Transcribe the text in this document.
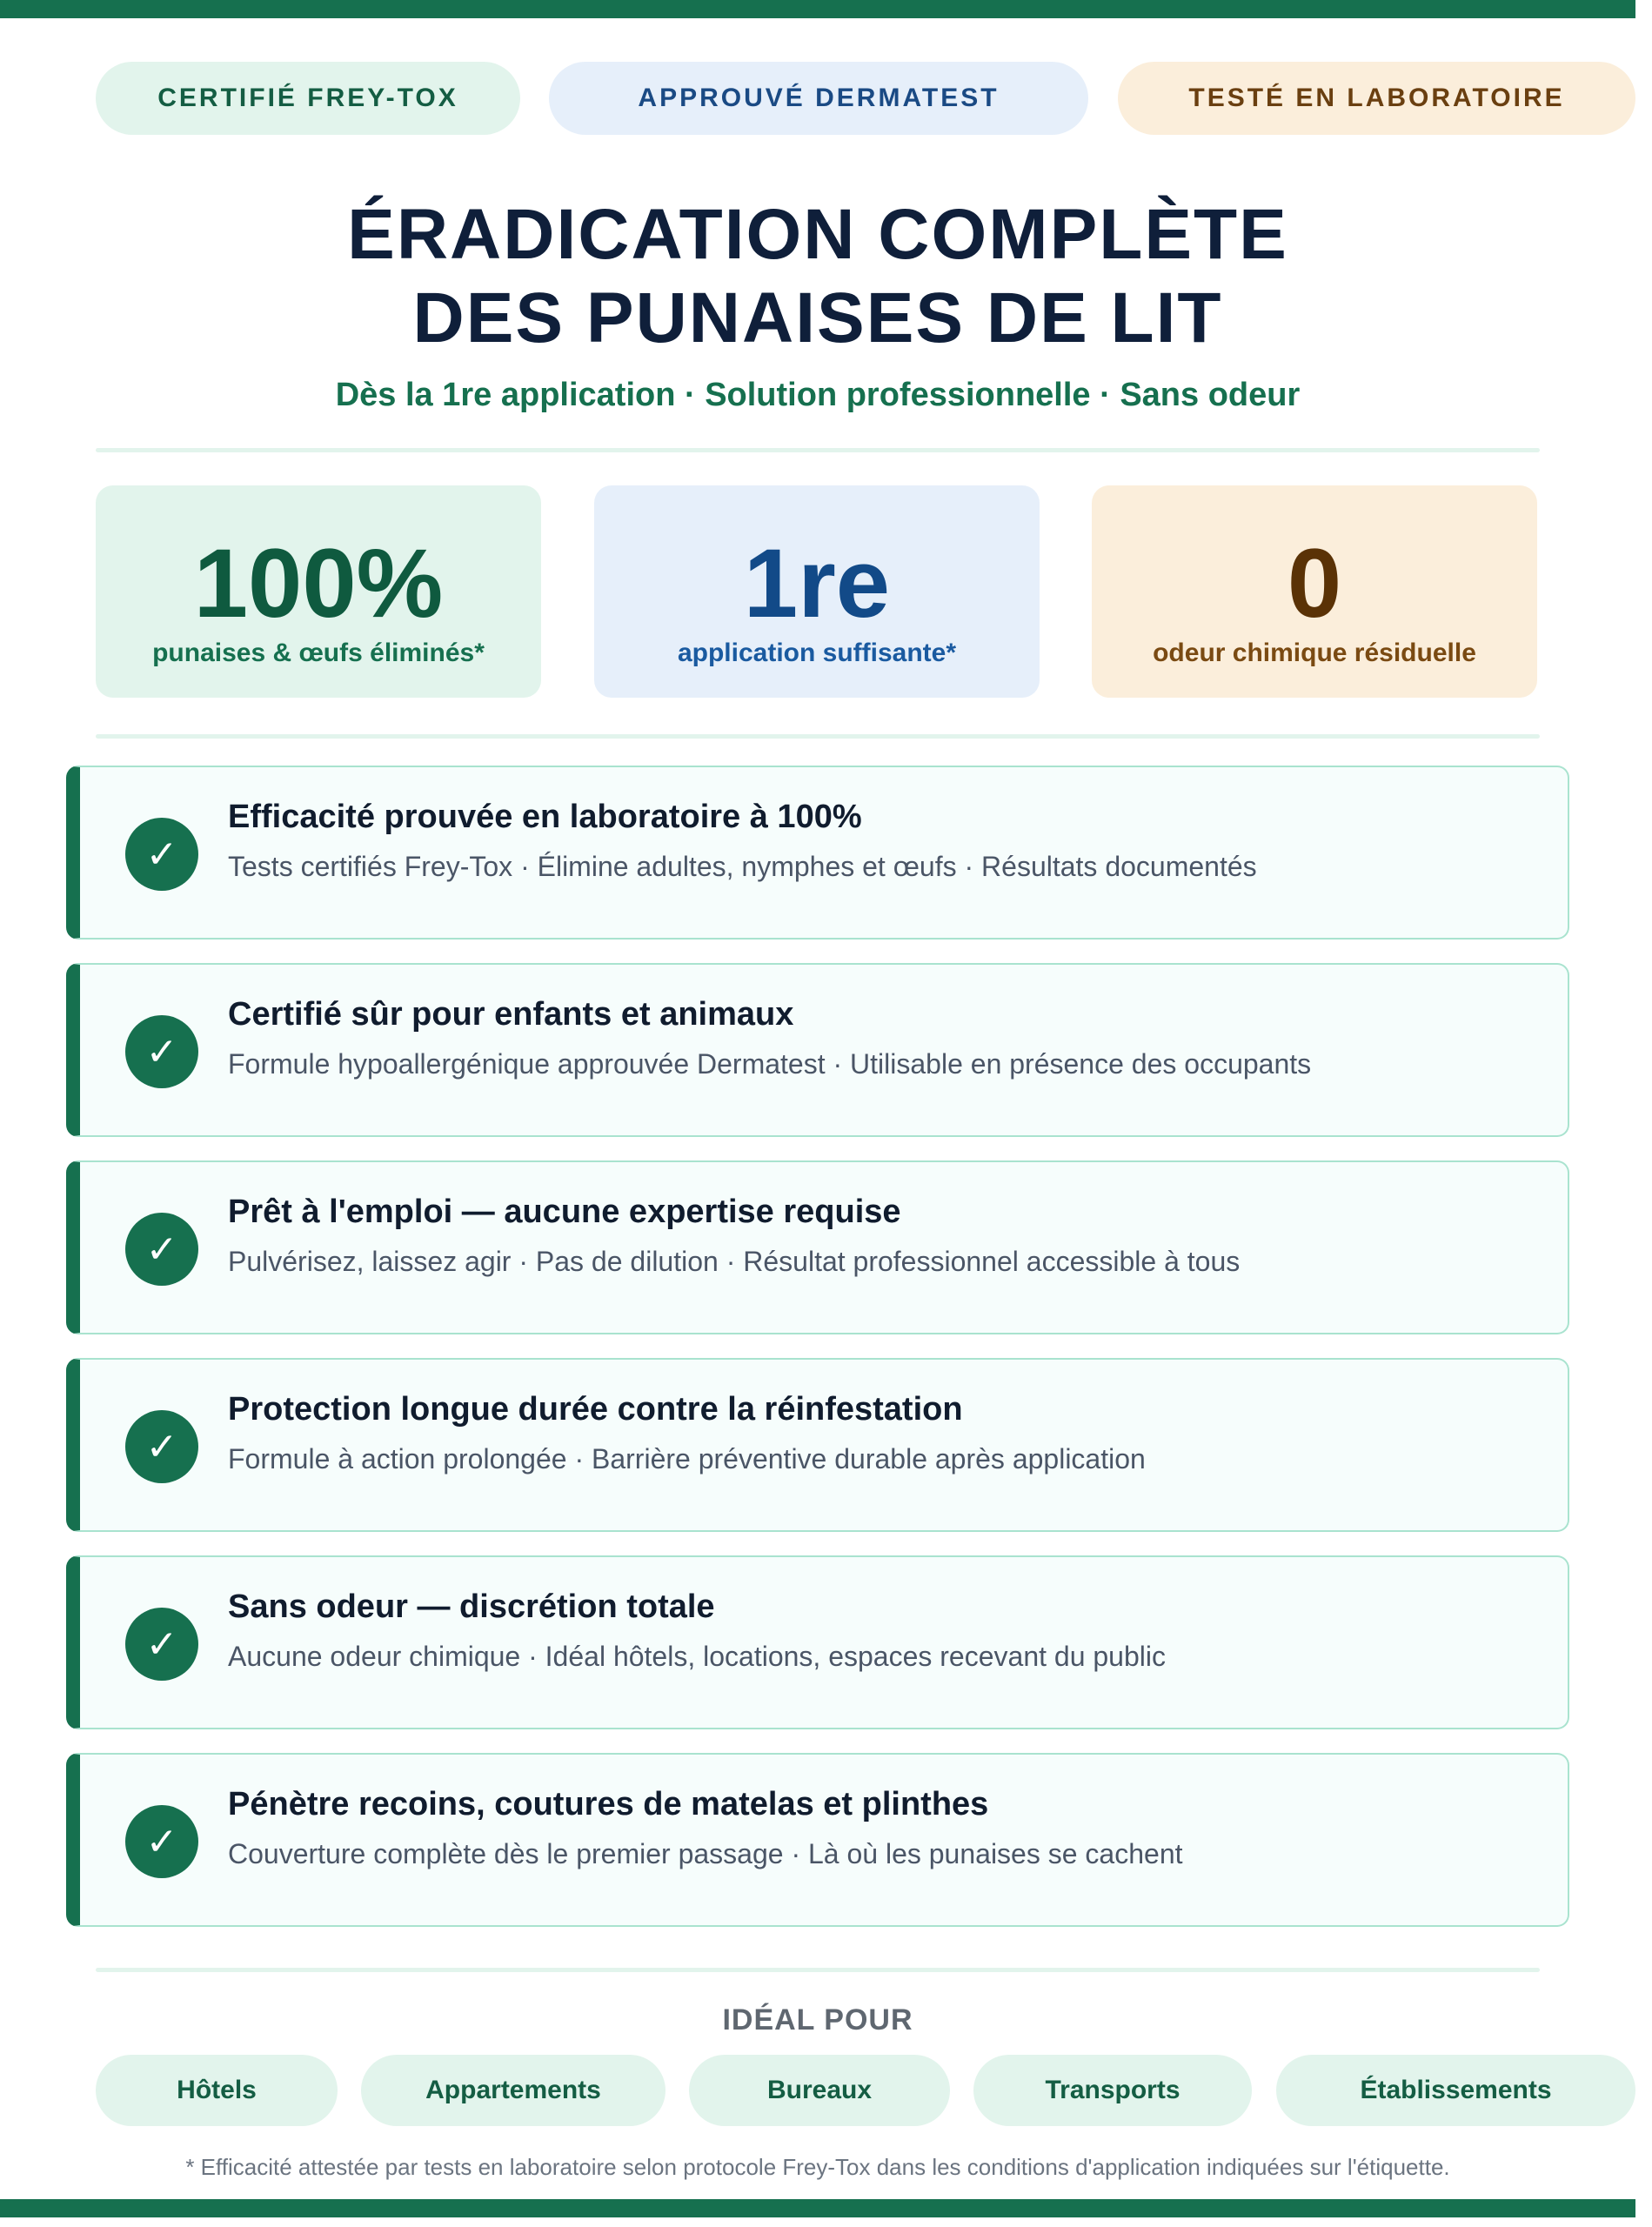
CERTIFIÉ FREY-TOX	APPROUVÉ DERMATEST	TESTÉ EN LABORATOIRE
ÉRADICATION COMPLÈTE
DES PUNAISES DE LIT
Dès la 1re application · Solution professionnelle · Sans odeur
100%
punaises & œufs éliminés*
1re
application suffisante*
0
odeur chimique résiduelle
✓
Efficacité prouvée en laboratoire à 100%
Tests certifiés Frey-Tox · Élimine adultes, nymphes et œufs · Résultats documentés
✓
Certifié sûr pour enfants et animaux
Formule hypoallergénique approuvée Dermatest · Utilisable en présence des occupants
✓
Prêt à l'emploi — aucune expertise requise
Pulvérisez, laissez agir · Pas de dilution · Résultat professionnel accessible à tous
✓
Protection longue durée contre la réinfestation
Formule à action prolongée · Barrière préventive durable après application
✓
Sans odeur — discrétion totale
Aucune odeur chimique · Idéal hôtels, locations, espaces recevant du public
✓
Pénètre recoins, coutures de matelas et plinthes
Couverture complète dès le premier passage · Là où les punaises se cachent
IDÉAL POUR
Hôtels	Appartements	Bureaux	Transports	Établissements
* Efficacité attestée par tests en laboratoire selon protocole Frey-Tox dans les conditions d'application indiquées sur l'étiquette.
